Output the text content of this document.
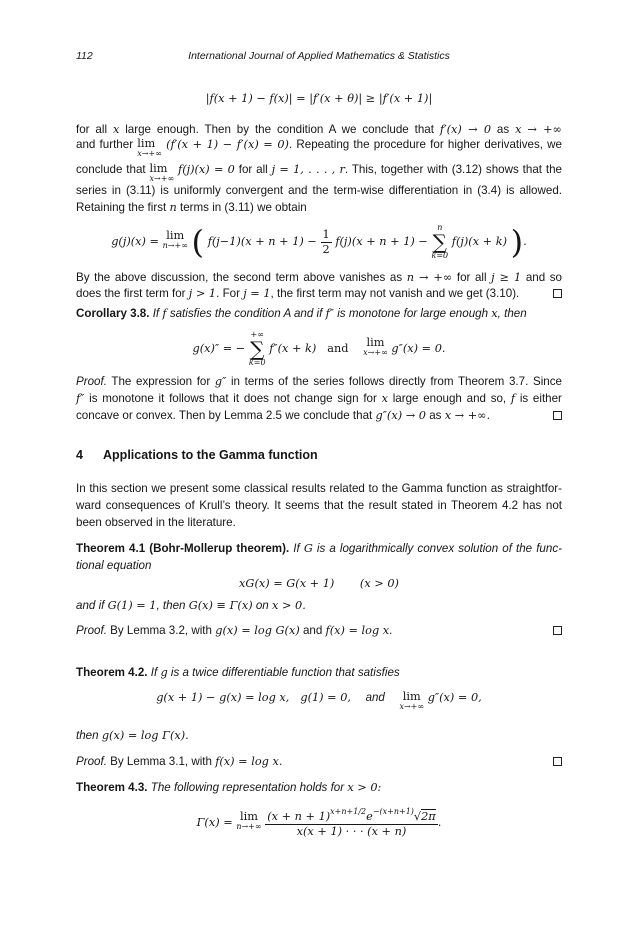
112	International Journal of Applied Mathematics & Statistics
|f(x + 1) − f(x)| = |f′(x + θ)| ≥ |f′(x + 1)|
for all x large enough. Then by the condition A we conclude that f′(x) → 0 as x → +∞
and further lim
x→+∞
(f′(x + 1) − f′(x) = 0). Repeating the procedure for higher derivatives, we
conclude that lim
x→+∞
f(j)(x) = 0 for all j = 1, . . . , r. This, together with (3.12) shows that the
series in (3.11) is uniformly convergent and the term-wise differentiation in (3.4) is allowed.
Retaining the first n terms in (3.11) we obtain
g(j)(x) = lim
n→+∞ ( $f(j-1)(x + n + 1) - \frac{1}{2} f(j)(x + n + 1)$ −
n
∑
k=0
f(j)(x + k) ).
By the above discussion, the second term above vanishes as n → +∞ for all j ≥ 1 and so
does the first term for j > 1. For j = 1, the first term may not vanish and we get (3.10).
Corollary 3.8. If f satisfies the condition A and if f″ is monotone for large enough x, then
g(x)″ = −
+∞
∑
k=0
f″(x + k) and lim
x→+∞ g″(x) = 0.
Proof. The expression for g″ in terms of the series follows directly from Theorem 3.7. Since
f″ is monotone it follows that it does not change sign for x large enough and so, f is either
concave or convex. Then by Lemma 2.5 we conclude that g″(x) → 0 as x → +∞.
4 Applications to the Gamma function
In this section we present some classical results related to the Gamma function as straightfor-
ward consequences of Krull’s theory. It seems that the result stated in Theorem 4.2 has not
been observed in the literature.
Theorem 4.1 (Bohr-Mollerup theorem). If G is a logarithmically convex solution of the func-
tional equation
xG(x) = G(x + 1) (x > 0)
and if G(1) = 1, then G(x) ≡ Γ(x) on x > 0.
Proof. By Lemma 3.2, with g(x) = log G(x) and f(x) = log x.
Theorem 4.2. If g is a twice differentiable function that satisfies
g(x + 1) − g(x) = log x, g(1) = 0, and lim
x→+∞
g″(x) = 0,
then g(x) = log Γ(x).
Proof. By Lemma 3.1, with f(x) = log x.
Theorem 4.3. The following representation holds for x > 0:
Γ(x) = lim
n→+∞
$\frac{(x + n + 1)^{x+n+1/2}e^{-(x+n+1)}√2\pi}{x(x + 1) \cdot \cdot \cdot (x + n)}$ .
